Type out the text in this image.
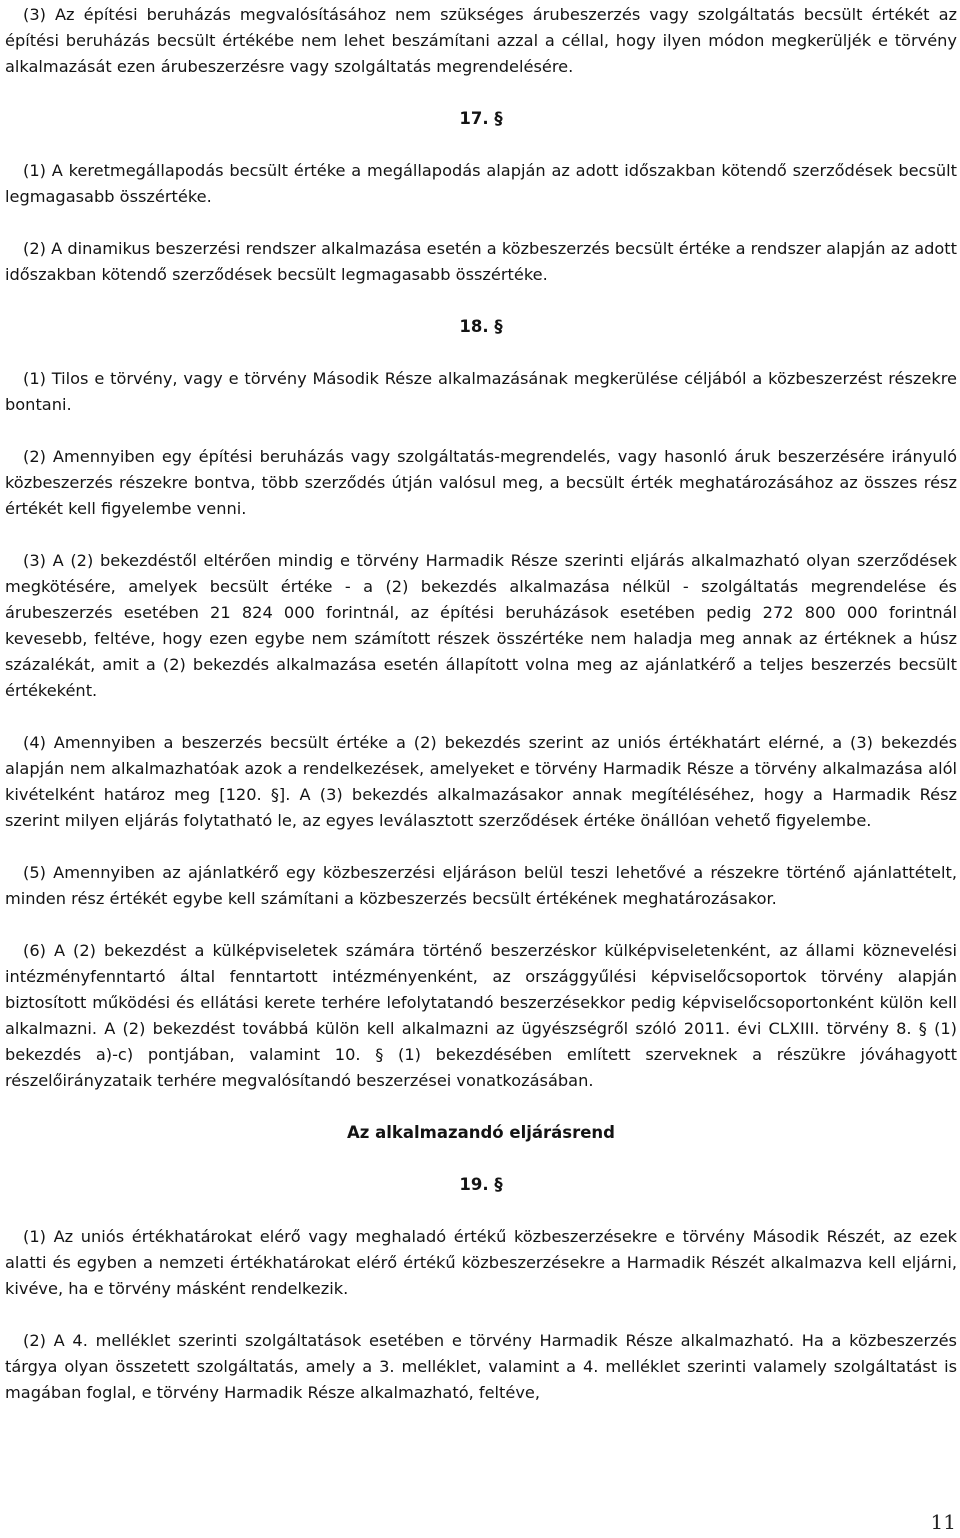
(3) Az építési beruházás megvalósításához nem szükséges árubeszerzés vagy szolgáltatás becsült értékét az építési beruházás becsült értékébe nem lehet beszámítani azzal a céllal, hogy ilyen módon megkerüljék e törvény alkalmazását ezen árubeszerzésre vagy szolgáltatás megrendelésére.

17. §

(1) A keretmegállapodás becsült értéke a megállapodás alapján az adott időszakban kötendő szerződések becsült legmagasabb összértéke.

(2) A dinamikus beszerzési rendszer alkalmazása esetén a közbeszerzés becsült értéke a rendszer alapján az adott időszakban kötendő szerződések becsült legmagasabb összértéke.

18. §

(1) Tilos e törvény, vagy e törvény Második Része alkalmazásának megkerülése céljából a közbeszerzést részekre bontani.

(2) Amennyiben egy építési beruházás vagy szolgáltatás-megrendelés, vagy hasonló áruk beszerzésére irányuló közbeszerzés részekre bontva, több szerződés útján valósul meg, a becsült érték meghatározásához az összes rész értékét kell figyelembe venni.

(3) A (2) bekezdéstől eltérően mindig e törvény Harmadik Része szerinti eljárás alkalmazható olyan szerződések megkötésére, amelyek becsült értéke - a (2) bekezdés alkalmazása nélkül - szolgáltatás megrendelése és árubeszerzés esetében 21 824 000 forintnál, az építési beruházások esetében pedig 272 800 000 forintnál kevesebb, feltéve, hogy ezen egybe nem számított részek összértéke nem haladja meg annak az értéknek a húsz százalékát, amit a (2) bekezdés alkalmazása esetén állapított volna meg az ajánlatkérő a teljes beszerzés becsült értékeként.

(4) Amennyiben a beszerzés becsült értéke a (2) bekezdés szerint az uniós értékhatárt elérné, a (3) bekezdés alapján nem alkalmazhatóak azok a rendelkezések, amelyeket e törvény Harmadik Része a törvény alkalmazása alól kivételként határoz meg [120. §]. A (3) bekezdés alkalmazásakor annak megítéléséhez, hogy a Harmadik Rész szerint milyen eljárás folytatható le, az egyes leválasztott szerződések értéke önállóan vehető figyelembe.

(5) Amennyiben az ajánlatkérő egy közbeszerzési eljáráson belül teszi lehetővé a részekre történő ajánlattételt, minden rész értékét egybe kell számítani a közbeszerzés becsült értékének meghatározásakor.

(6) A (2) bekezdést a külképviseletek számára történő beszerzéskor külképviseletenként, az állami köznevelési intézményfenntartó által fenntartott intézményenként, az országgyűlési képviselőcsoportok törvény alapján biztosított működési és ellátási kerete terhére lefolytatandó beszerzésekkor pedig képviselőcsoportonként külön kell alkalmazni. A (2) bekezdést továbbá külön kell alkalmazni az ügyészségről szóló 2011. évi CLXIII. törvény 8. § (1) bekezdés a)-c) pontjában, valamint 10. § (1) bekezdésében említett szerveknek a részükre jóváhagyott részelőirányzataik terhére megvalósítandó beszerzései vonatkozásában.

Az alkalmazandó eljárásrend
19. §

(1) Az uniós értékhatárokat elérő vagy meghaladó értékű közbeszerzésekre e törvény Második Részét, az ezek alatti és egyben a nemzeti értékhatárokat elérő értékű közbeszerzésekre a Harmadik Részét alkalmazva kell eljárni, kivéve, ha e törvény másként rendelkezik.

(2) A 4. melléklet szerinti szolgáltatások esetében e törvény Harmadik Része alkalmazható. Ha a közbeszerzés tárgya olyan összetett szolgáltatás, amely a 3. melléklet, valamint a 4. melléklet szerinti valamely szolgáltatást is magában foglal, e törvény Harmadik Része alkalmazható, feltéve,

11
